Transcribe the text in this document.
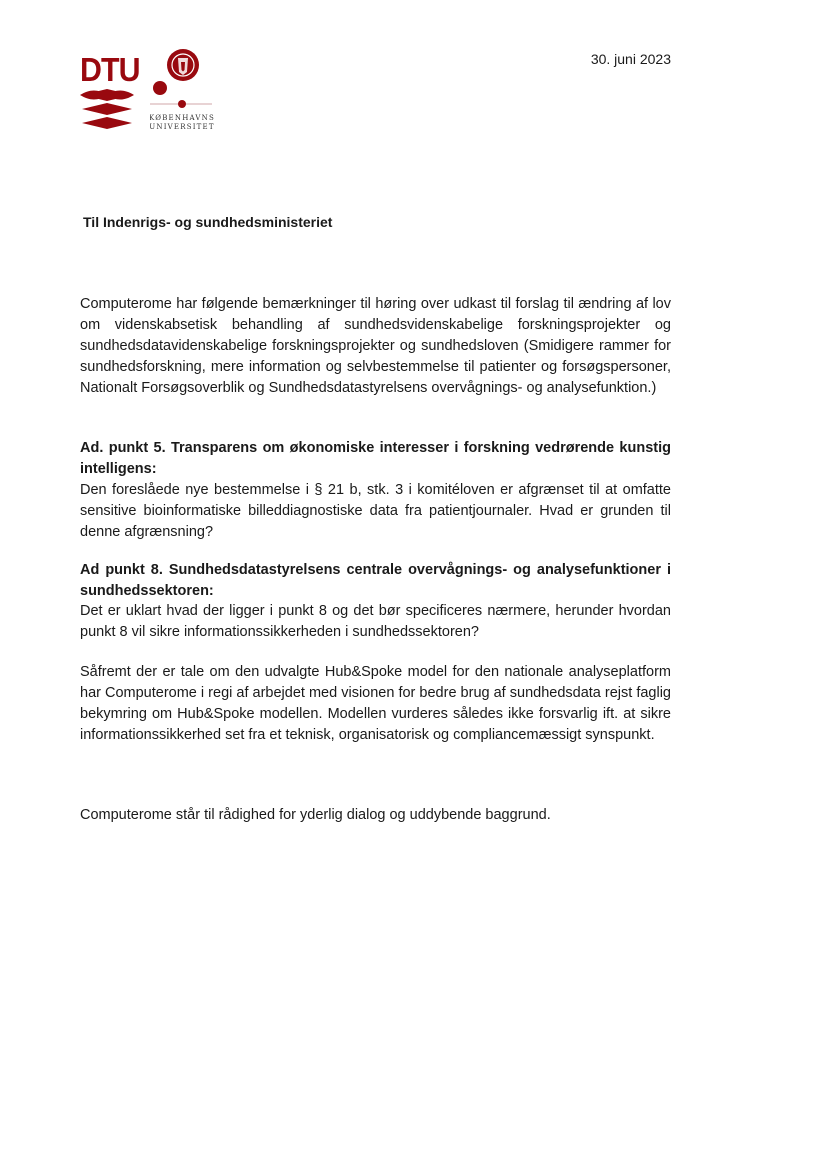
DTU
KØBENHAVNS
UNIVERSITET
30. juni 2023
Til Indenrigs- og sundhedsministeriet
Computerome har følgende bemærkninger til høring over udkast til forslag til ændring af lov om videnskabsetisk behandling af sundhedsvidenskabelige forskningsprojekter og sundhedsdatavidenskabelige forskningsprojekter og sundhedsloven (Smidigere rammer for sundhedsforskning, mere information og selvbestemmelse til patienter og forsøgspersoner, Nationalt Forsøgsoverblik og Sundhedsdatastyrelsens overvågnings- og analysefunktion.)
Ad. punkt 5. Transparens om økonomiske interesser i forskning vedrørende kunstig intelligens:
Den foreslåede nye bestemmelse i § 21 b, stk. 3 i komitéloven er afgrænset til at omfatte sensitive bioinformatiske billeddiagnostiske data fra patientjournaler. Hvad er grunden til denne afgrænsning?
Ad punkt 8. Sundhedsdatastyrelsens centrale overvågnings- og analysefunktioner i sundhedssektoren:
Det er uklart hvad der ligger i punkt 8 og det bør specificeres nærmere, herunder hvordan punkt 8 vil sikre informationssikkerheden i sundhedssektoren?
Såfremt der er tale om den udvalgte Hub&Spoke model for den nationale analyseplatform har Computerome i regi af arbejdet med visionen for bedre brug af sundhedsdata rejst faglig bekymring om Hub&Spoke modellen. Modellen vurderes således ikke forsvarlig ift. at sikre informationssikkerhed set fra et teknisk, organisatorisk og compliancemæssigt synspunkt.
Computerome står til rådighed for yderlig dialog og uddybende baggrund.
